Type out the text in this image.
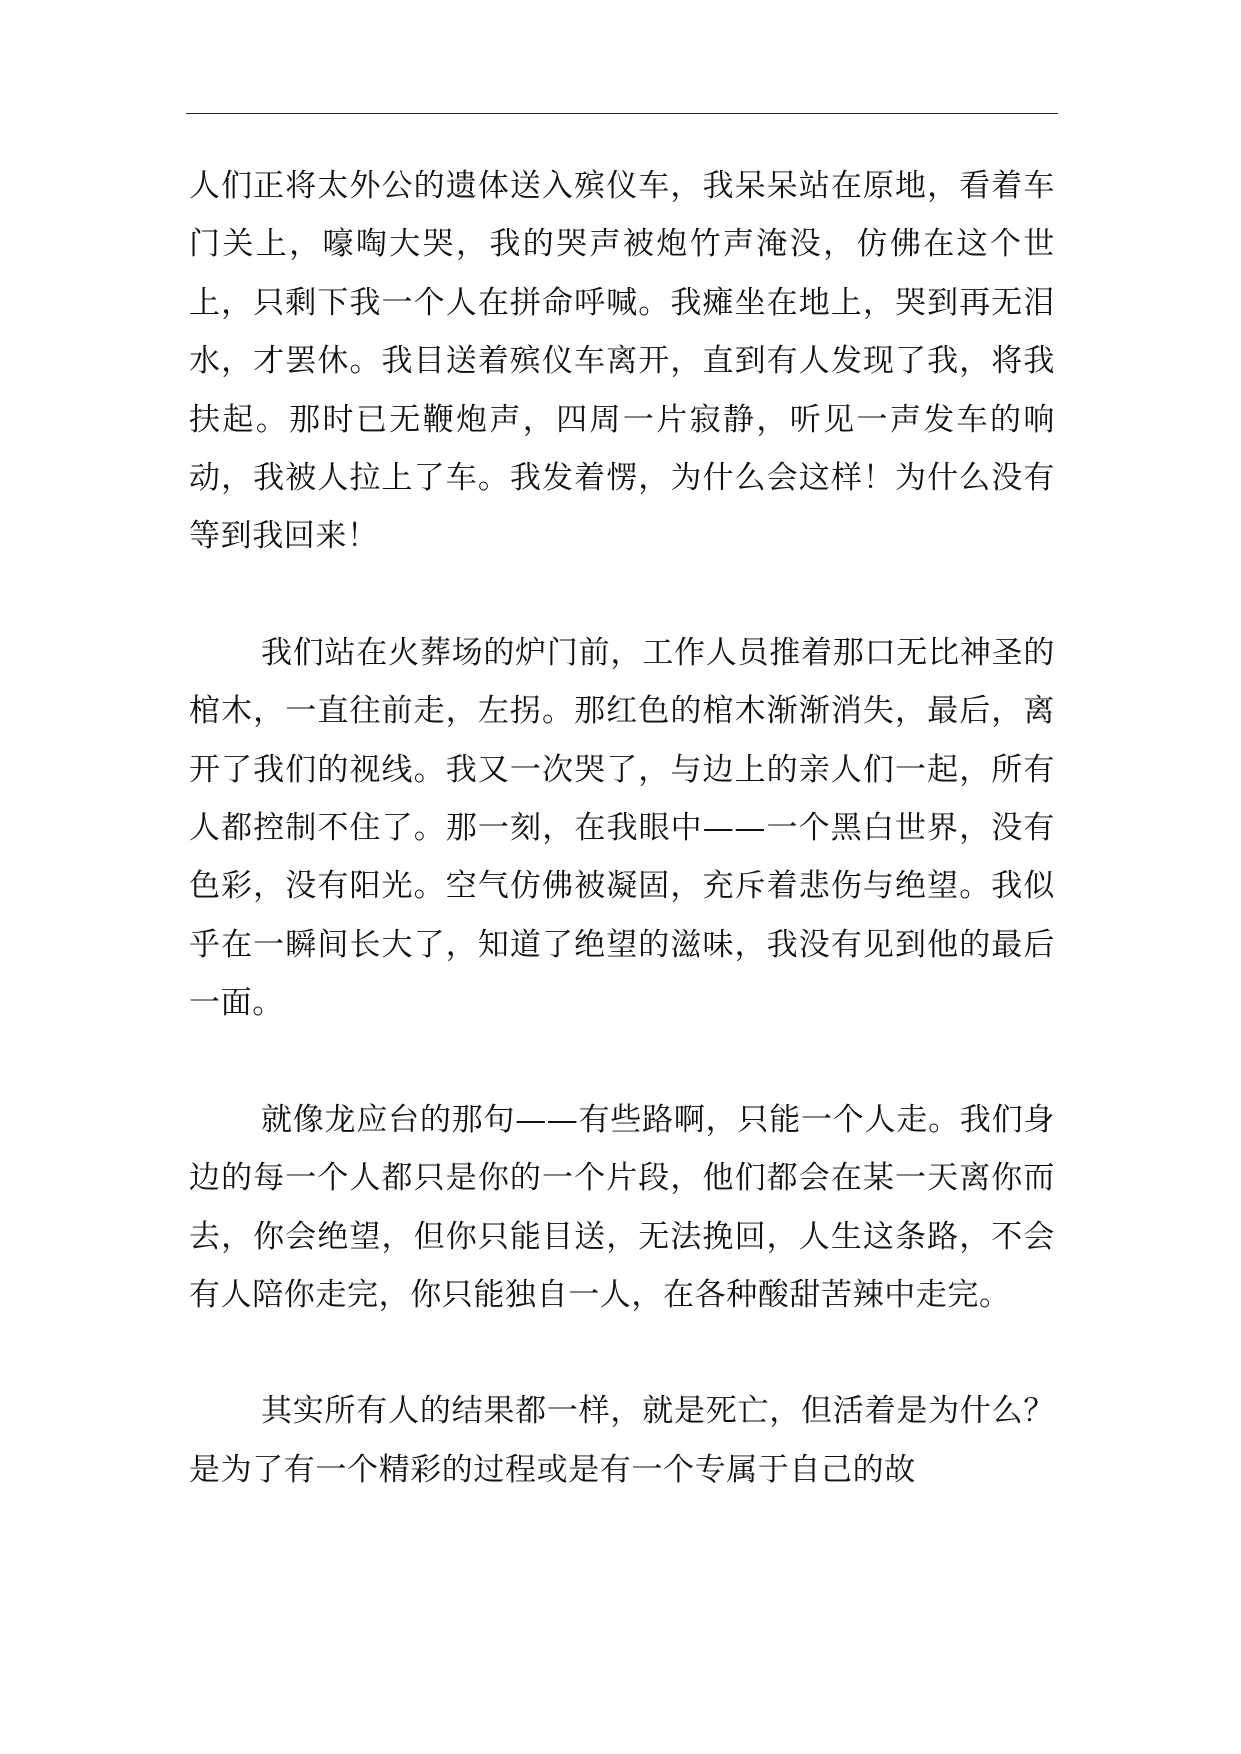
人们正将太外公的遗体送入殡仪车，我呆呆站在原地，看着车门关上，嚎啕大哭，我的哭声被炮竹声淹没，仿佛在这个世上，只剩下我一个人在拼命呼喊。我瘫坐在地上，哭到再无泪水，才罢休。我目送着殡仪车离开，直到有人发现了我，将我扶起。那时已无鞭炮声，四周一片寂静，听见一声发车的响动，我被人拉上了车。我发着愣，为什么会这样！为什么没有等到我回来！

我们站在火葬场的炉门前，工作人员推着那口无比神圣的棺木，一直往前走，左拐。那红色的棺木渐渐消失，最后，离开了我们的视线。我又一次哭了，与边上的亲人们一起，所有人都控制不住了。那一刻，在我眼中——一个黑白世界，没有色彩，没有阳光。空气仿佛被凝固，充斥着悲伤与绝望。我似乎在一瞬间长大了，知道了绝望的滋味，我没有见到他的最后一面。

就像龙应台的那句——有些路啊，只能一个人走。我们身边的每一个人都只是你的一个片段，他们都会在某一天离你而去，你会绝望，但你只能目送，无法挽回，人生这条路，不会有人陪你走完，你只能独自一人，在各种酸甜苦辣中走完。

其实所有人的结果都一样，就是死亡，但活着是为什么？是为了有一个精彩的过程或是有一个专属于自己的故
